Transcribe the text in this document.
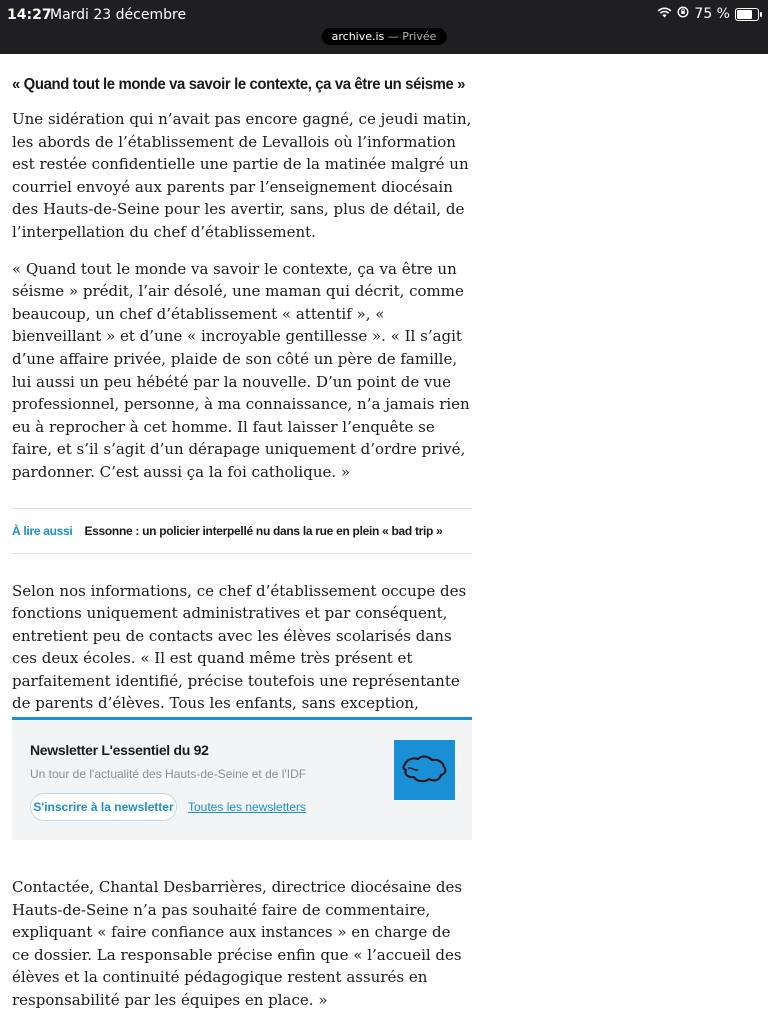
14:27
Mardi 23 décembre	75 %
archive.is — Privée
« Quand tout le monde va savoir le contexte, ça va être un séisme »

Une sidération qui n’avait pas encore gagné, ce jeudi matin, les abords de l’établissement de Levallois où l’information est restée confidentielle une partie de la matinée malgré un courriel envoyé aux parents par l’enseignement diocésain des Hauts-de-Seine pour les avertir, sans, plus de détail, de l’interpellation du chef d’établissement.

« Quand tout le monde va savoir le contexte, ça va être un séisme » prédit, l’air désolé, une maman qui décrit, comme beaucoup, un chef d’établissement « attentif », « bienveillant » et d’une « incroyable gentillesse ». « Il s’agit d’une affaire privée, plaide de son côté un père de famille, lui aussi un peu hébété par la nouvelle. D’un point de vue professionnel, personne, à ma connaissance, n’a jamais rien eu à reprocher à cet homme. Il faut laisser l’enquête se faire, et s’il s’agit d’un dérapage uniquement d’ordre privé, pardonner. C’est aussi ça la foi catholique. »

À lire aussi Essonne : un policier interpellé nu dans la rue en plein « bad trip »

Selon nos informations, ce chef d’établissement occupe des fonctions uniquement administratives et par conséquent, entretient peu de contacts avec les élèves scolarisés dans ces deux écoles. « Il est quand même très présent et parfaitement identifié, précise toutefois une représentante de parents d’élèves. Tous les enfants, sans exception,

Newsletter L'essentiel du 92
Un tour de l'actualité des Hauts-de-Seine et de l'IDF
S'inscrire à la newsletter Toutes les newsletters

Contactée, Chantal Desbarrières, directrice diocésaine des Hauts-de-Seine n’a pas souhaité faire de commentaire, expliquant « faire confiance aux instances » en charge de ce dossier. La responsable précise enfin que « l’accueil des élèves et la continuité pédagogique restent assurés en responsabilité par les équipes en place. »
